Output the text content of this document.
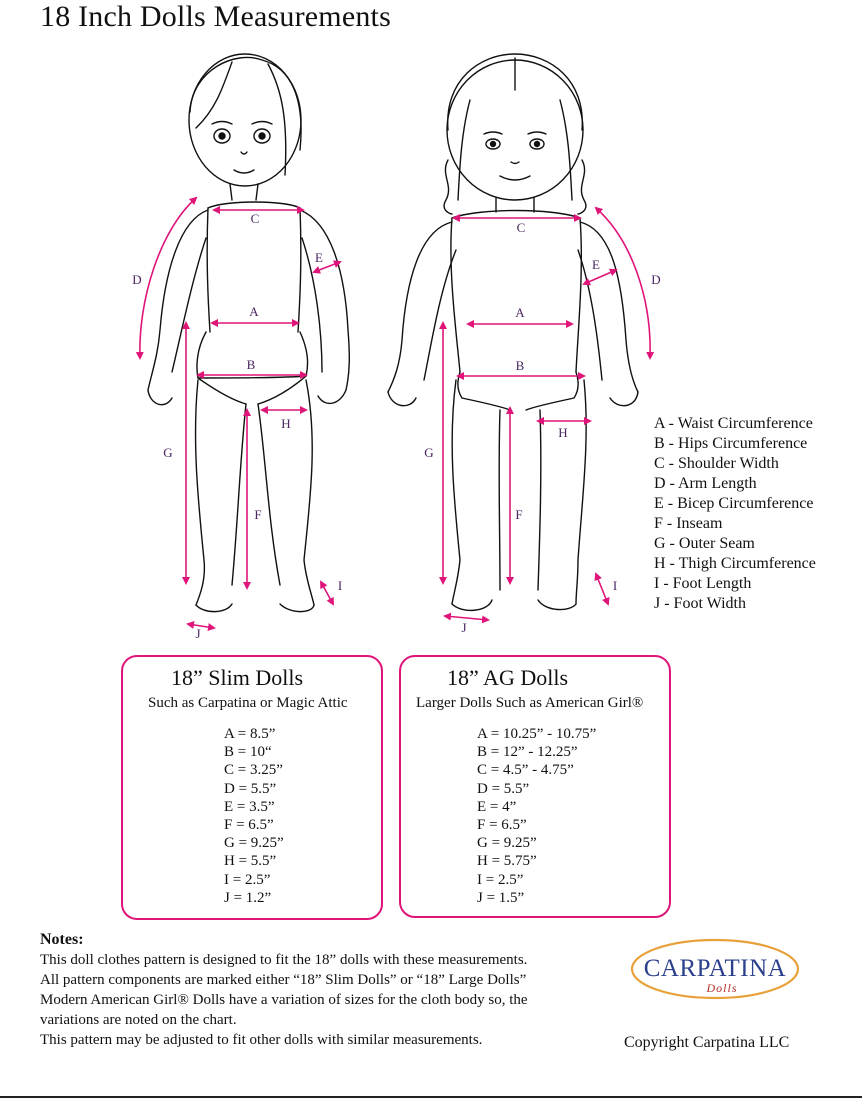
18 Inch Dolls Measurements
C
A
B
H
E
D
G
F
I
J
C
A
B
H
E
D
G
F
I
J
A - Waist Circumference
B - Hips Circumference
C - Shoulder Width
D - Arm Length
E - Bicep Circumference
F - Inseam
G - Outer Seam
H - Thigh Circumference
I - Foot Length
J - Foot Width
18” Slim Dolls
Such as Carpatina or Magic Attic
A = 8.5”
B = 10“
C = 3.25”
D = 5.5”
E = 3.5”
F = 6.5”
G = 9.25”
H = 5.5”
I = 2.5”
J = 1.2”
18” AG Dolls
Larger Dolls Such as American Girl®
A = 10.25” - 10.75”
B = 12” - 12.25”
C = 4.5” - 4.75”
D = 5.5”
E = 4”
F = 6.5”
G = 9.25”
H = 5.75”
I = 2.5”
J = 1.5”
Notes:
This doll clothes pattern is designed to fit the 18” dolls with these measurements.
All pattern components are marked either “18” Slim Dolls” or “18” Large Dolls”
Modern American Girl® Dolls have a variation of sizes for the cloth body so, the
variations are noted on the chart.
This pattern may be adjusted to fit other dolls with similar measurements.
CARPATINA
Dolls
Copyright Carpatina LLC
